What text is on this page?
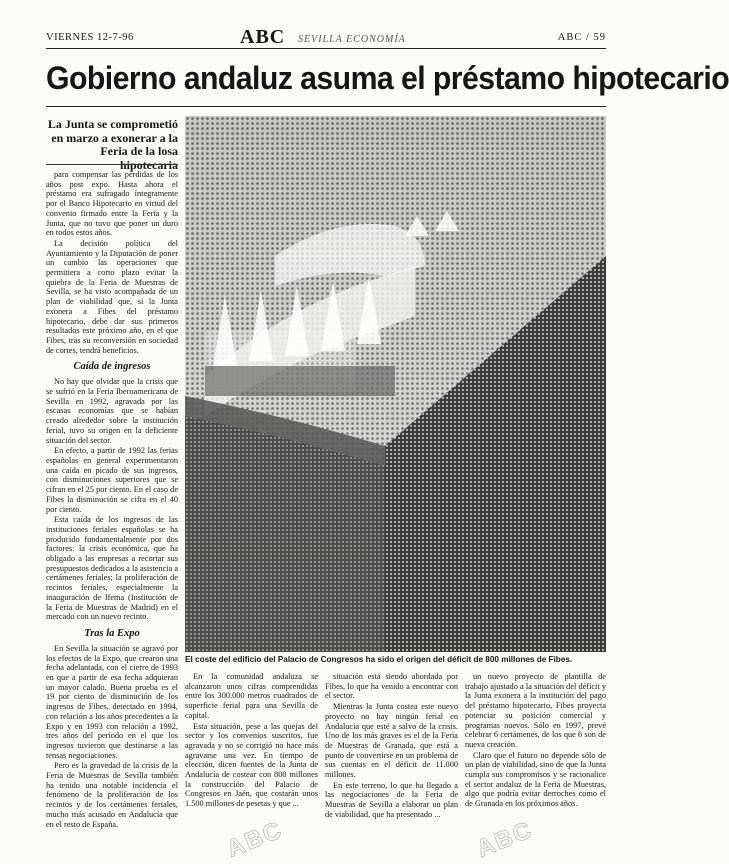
VIERNES 12-7-96	ABC SEVILLA ECONOMÍA	ABC / 59
Gobierno andaluz asuma el préstamo hipotecario
La Junta se comprometió en marzo a exonerar a la Feria de la losa hipotecaria

para compensar las pérdidas de los años post expo. Hasta ahora el préstamo era sufragado íntegramente por el Banco Hipotecario en virtud del convenio firmado entre la Feria y la Junta, que no tuvo que poner un duro en todos estos años.

La decisión política del Ayuntamiento y la Diputación de poner un cambio las operaciones que permitiera a corto plazo evitar la quiebra de la Feria de Muestras de Sevilla, se ha visto acompañada de un plan de viabilidad que, si la Junta exonera a Fibes del préstamo hipotecario, debe dar sus primeros resultados este próximo año, en el que Fibes, tras su reconversión en sociedad de cortes, tendrá beneficios.

Caída de ingresos

No hay que olvidar que la crisis que se sufrió en la Feria Iberoamericana de Sevilla en 1992, agravada por las escasas economías que se habían creado alrededor sobre la institución ferial, tuvo su origen en la deficiente situación del sector.

En efecto, a partir de 1992 las ferias españolas en general experimentaron una caída en picado de sus ingresos, con disminuciones superiores que se cifran en el 25 por ciento. En el caso de Fibes la disminución se cifra en el 40 por ciento.

Esta caída de los ingresos de las instituciones feriales españolas se ha producido fundamentalmente por dos factores: la crisis económica, que ha obligado a las empresas a recortar sus presupuestos dedicados a la asistencia a certámenes feriales; la proliferación de recintos feriales, especialmente la inauguración de Ifema (Institución de la Feria de Muestras de Madrid) en el mercado con un nuevo recinto.

Tras la Expo

En Sevilla la situación se agravó por los efectos de la Expo, que crearon una fecha adelantada, con el cierre de 1993 en que a partir de esa fecha adquieran un mayor calado. Buena prueba es el 19 por ciento de disminución de los ingresos de Fibes, detectado en 1994, con relación a los años precedentes a la Expo y en 1993 con relación a 1992, tres años del período en el que los ingresos tuvieron que destinarse a las tensas negociaciones.

Pero es la gravedad de la crisis de la Feria de Muestras de Sevilla también ha tenido una notable incidencia el fenómeno de la proliferación de los recintos y de los certámenes feriales, mucho más acusado en Andalucía que en el resto de España.

El coste del edificio del Palacio de Congresos ha sido el origen del déficit de 800 millones de Fibes.

En la comunidad andaluza se alcanzaron unos cifras comprendidas entre los 300.000 metros cuadrados de superficie ferial para una Sevilla de capital.

Esta situación, pese a las quejas del sector y los convenios suscritos, fue agravada y no se corrigió no hace más agravarse una vez. En tiempo de elección, dicen fuentes de la Junta de Andalucía de costear con 800 millones la construcción del Palacio de Congresos en Jaén, que costarán unos 1.500 millones de pesetas y que ...

situación está siendo abordada por Fibes, lo que ha venido a encontrar con el sector.

Mientras la Junta costea este nuevo proyecto no hay ningún ferial en Andalucía que esté a salvo de la crisis. Uno de los más graves es el de la Feria de Muestras de Granada, que está a punto de convertirse en un problema de sus cuentas en el déficit de 11.000 millones.

En este terreno, lo que ha llegado a las negociaciones de la Feria de Muestras de Sevilla a elaborar un plan de viabilidad, que ha presentado ...

un nuevo proyecto de plantilla de trabajo ajustado a la situación del déficit y la Junta exonera a la institución del pago del préstamo hipotecario, Fibes proyecta potenciar su posición comercial y programas nuevos. Sólo en 1997, prevé celebrar 6 certámenes, de los que 6 son de nueva creación.

Claro que el futuro no depende sólo de un plan de viabilidad, sino de que la Junta cumpla sus compromisos y se racionalice el sector andaluz de la Feria de Muestras, algo que podría evitar derroches como el de Granada en los próximos años.

ABC	ABC
